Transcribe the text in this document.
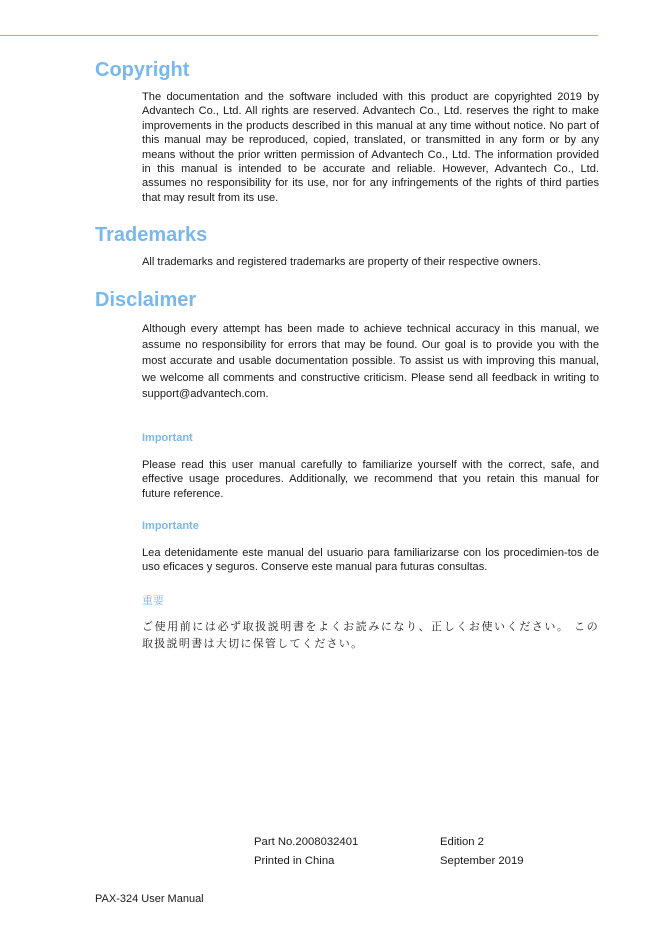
Copyright

The documentation and the software included with this product are copyrighted 2019 by Advantech Co., Ltd. All rights are reserved. Advantech Co., Ltd. reserves the right to make improvements in the products described in this manual at any time without notice. No part of this manual may be reproduced, copied, translated, or transmitted in any form or by any means without the prior written permission of Advantech Co., Ltd. The information provided in this manual is intended to be accurate and reliable. However, Advantech Co., Ltd. assumes no responsibility for its use, nor for any infringements of the rights of third parties that may result from its use.

Trademarks

All trademarks and registered trademarks are property of their respective owners.

Disclaimer

Although every attempt has been made to achieve technical accuracy in this manual, we assume no responsibility for errors that may be found. Our goal is to provide you with the most accurate and usable documentation possible. To assist us with improving this manual, we welcome all comments and constructive criticism. Please send all feedback in writing to support@advantech.com.

Important

Please read this user manual carefully to familiarize yourself with the correct, safe, and effective usage procedures. Additionally, we recommend that you retain this manual for future reference.

Importante

Lea detenidamente este manual del usuario para familiarizarse con los procedimien-tos de uso eficaces y seguros. Conserve este manual para futuras consultas.

重要

ご使用前には必ず取扱説明書をよくお読みになり、正しくお使いください。 この取扱説明書は大切に保管してください。

Part No.2008032401	Edition 2
Printed in China	September 2019
PAX-324 User Manual
